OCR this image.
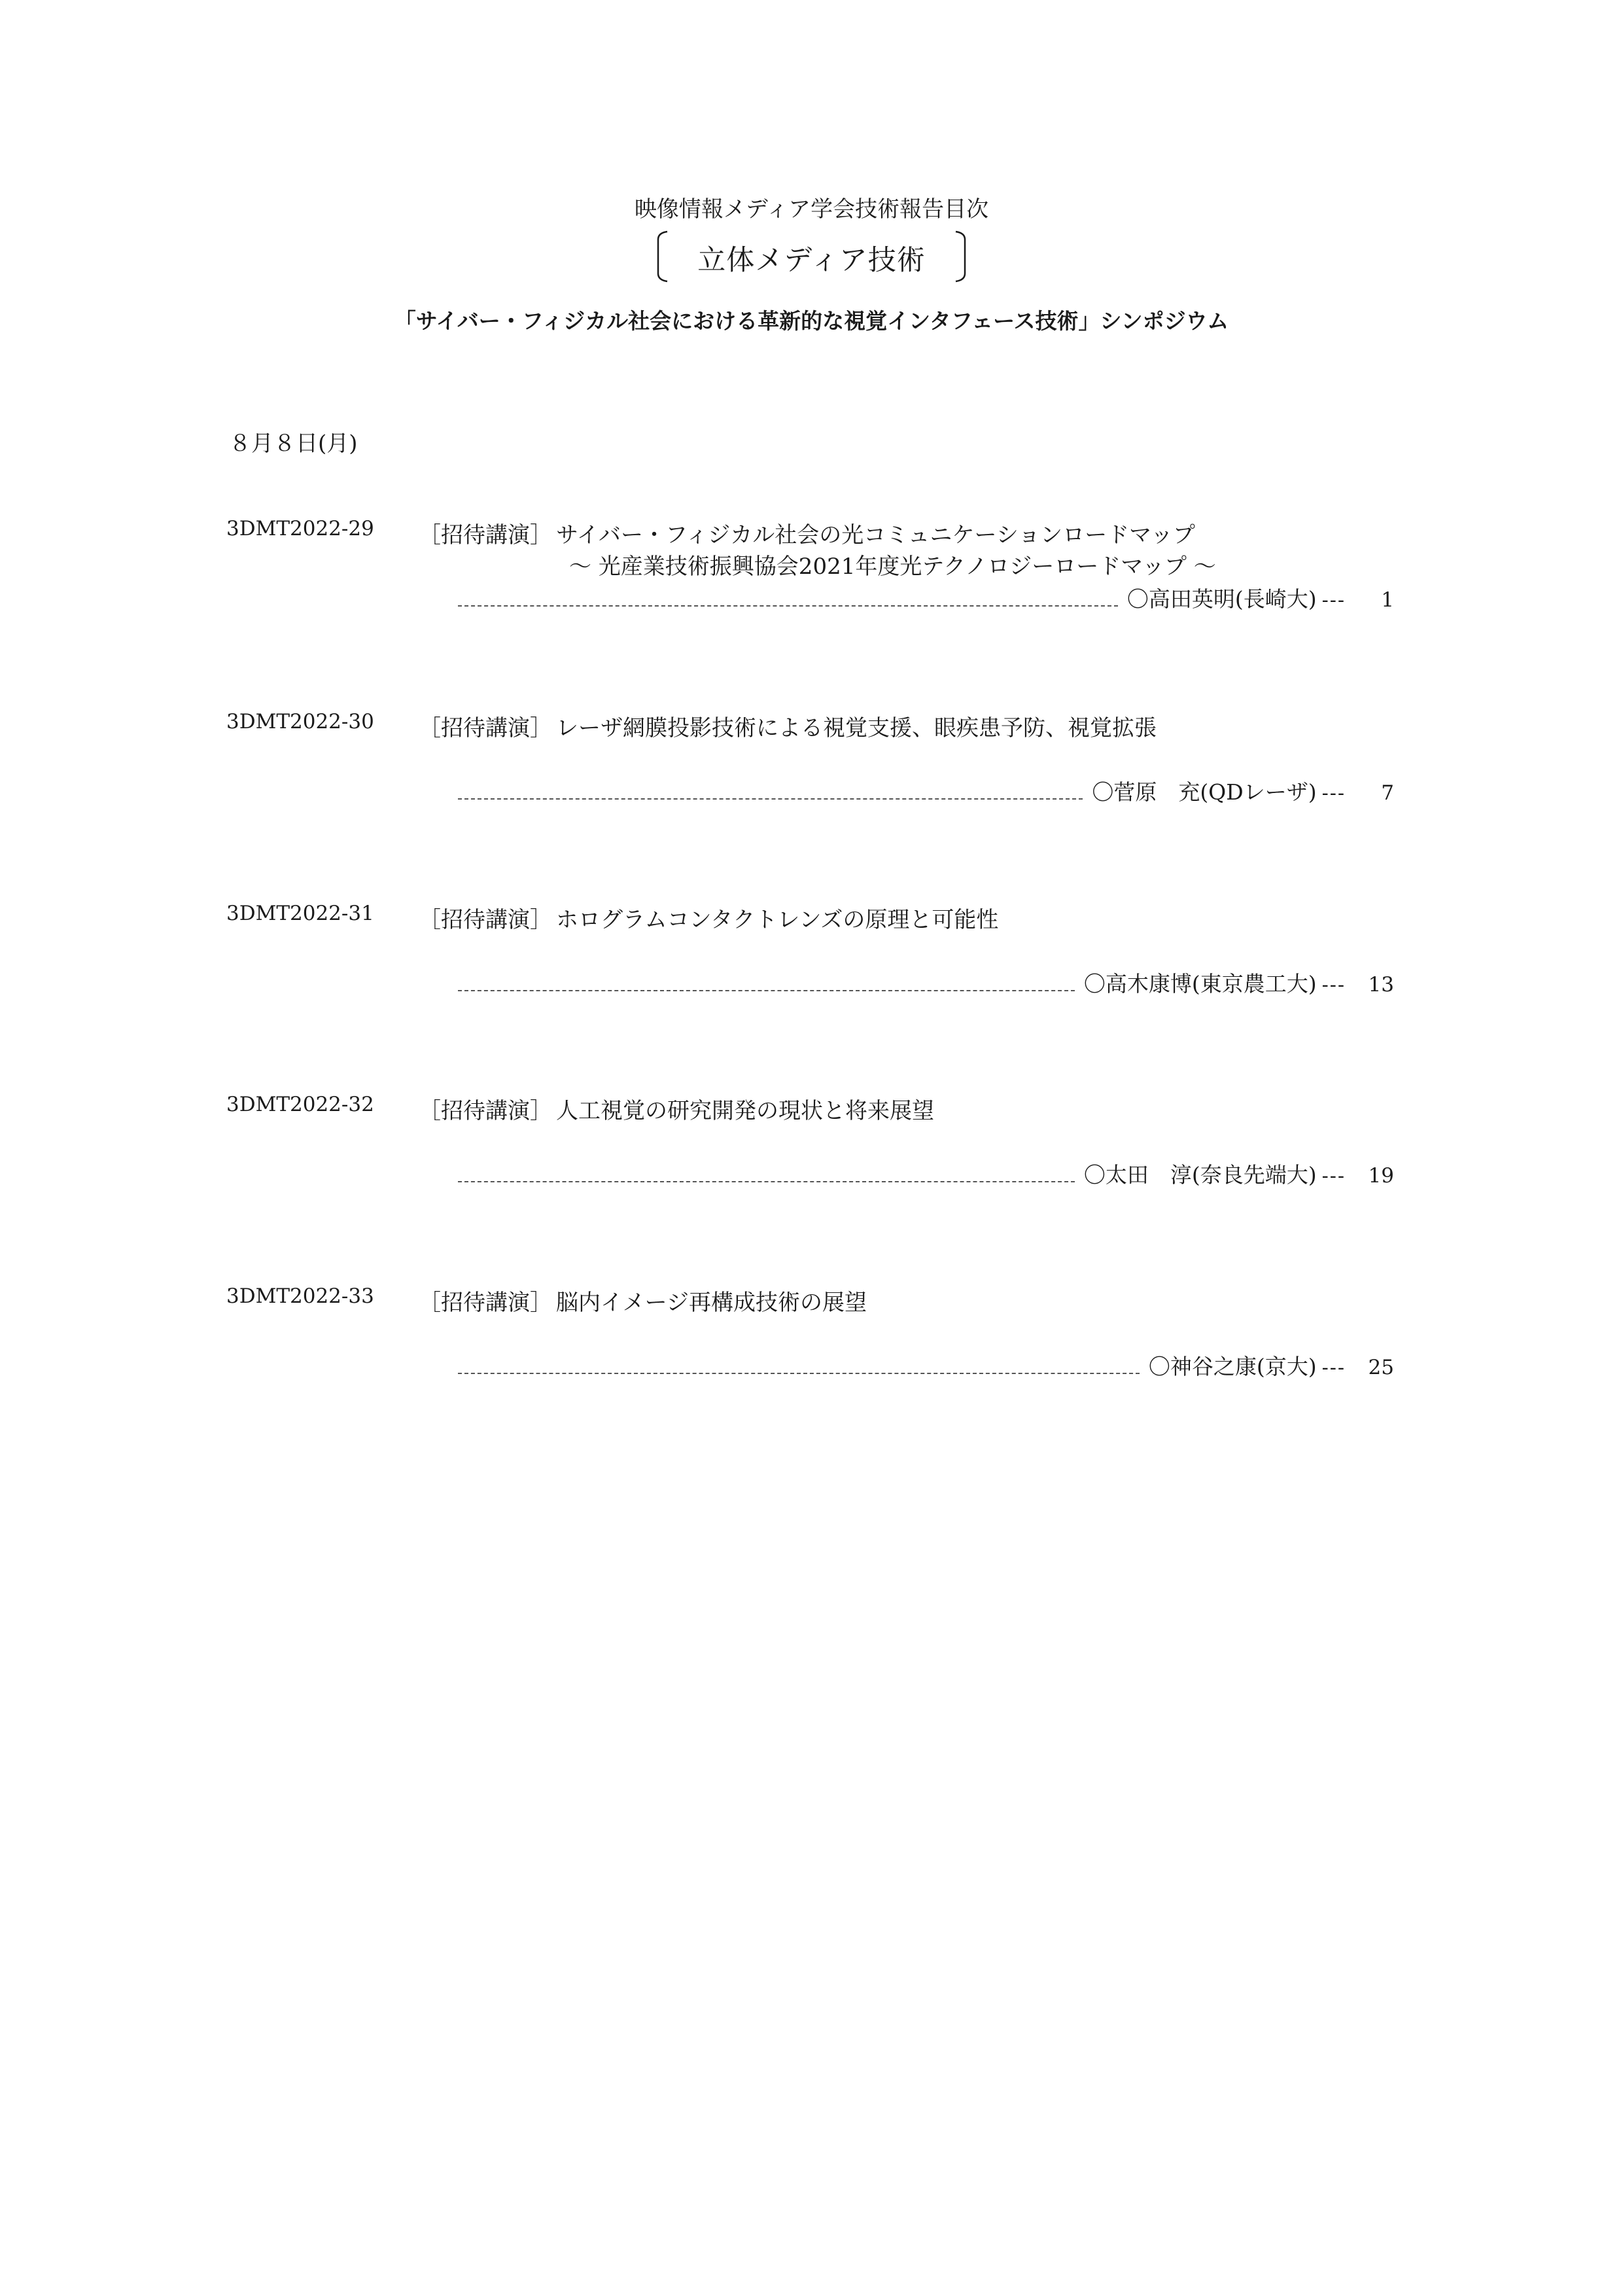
映像情報メディア学会技術報告目次
立体メディア技術
「サイバー・フィジカル社会における革新的な視覚インタフェース技術」シンポジウム
８月８日(月)
3DMT2022-29 ［招待講演］ サイバー・フィジカル社会の光コミュニケーションロードマップ
～ 光産業技術振興協会2021年度光テクノロジーロードマップ ～
〇高田英明(長崎大) ---	1
3DMT2022-30 ［招待講演］ レーザ網膜投影技術による視覚支援、眼疾患予防、視覚拡張
〇菅原　充(QDレーザ) ---	7
3DMT2022-31 ［招待講演］ ホログラムコンタクトレンズの原理と可能性
〇高木康博(東京農工大) --- 13
3DMT2022-32 ［招待講演］ 人工視覚の研究開発の現状と将来展望
〇太田　淳(奈良先端大) --- 19
3DMT2022-33 ［招待講演］ 脳内イメージ再構成技術の展望
〇神谷之康(京大) --- 25
